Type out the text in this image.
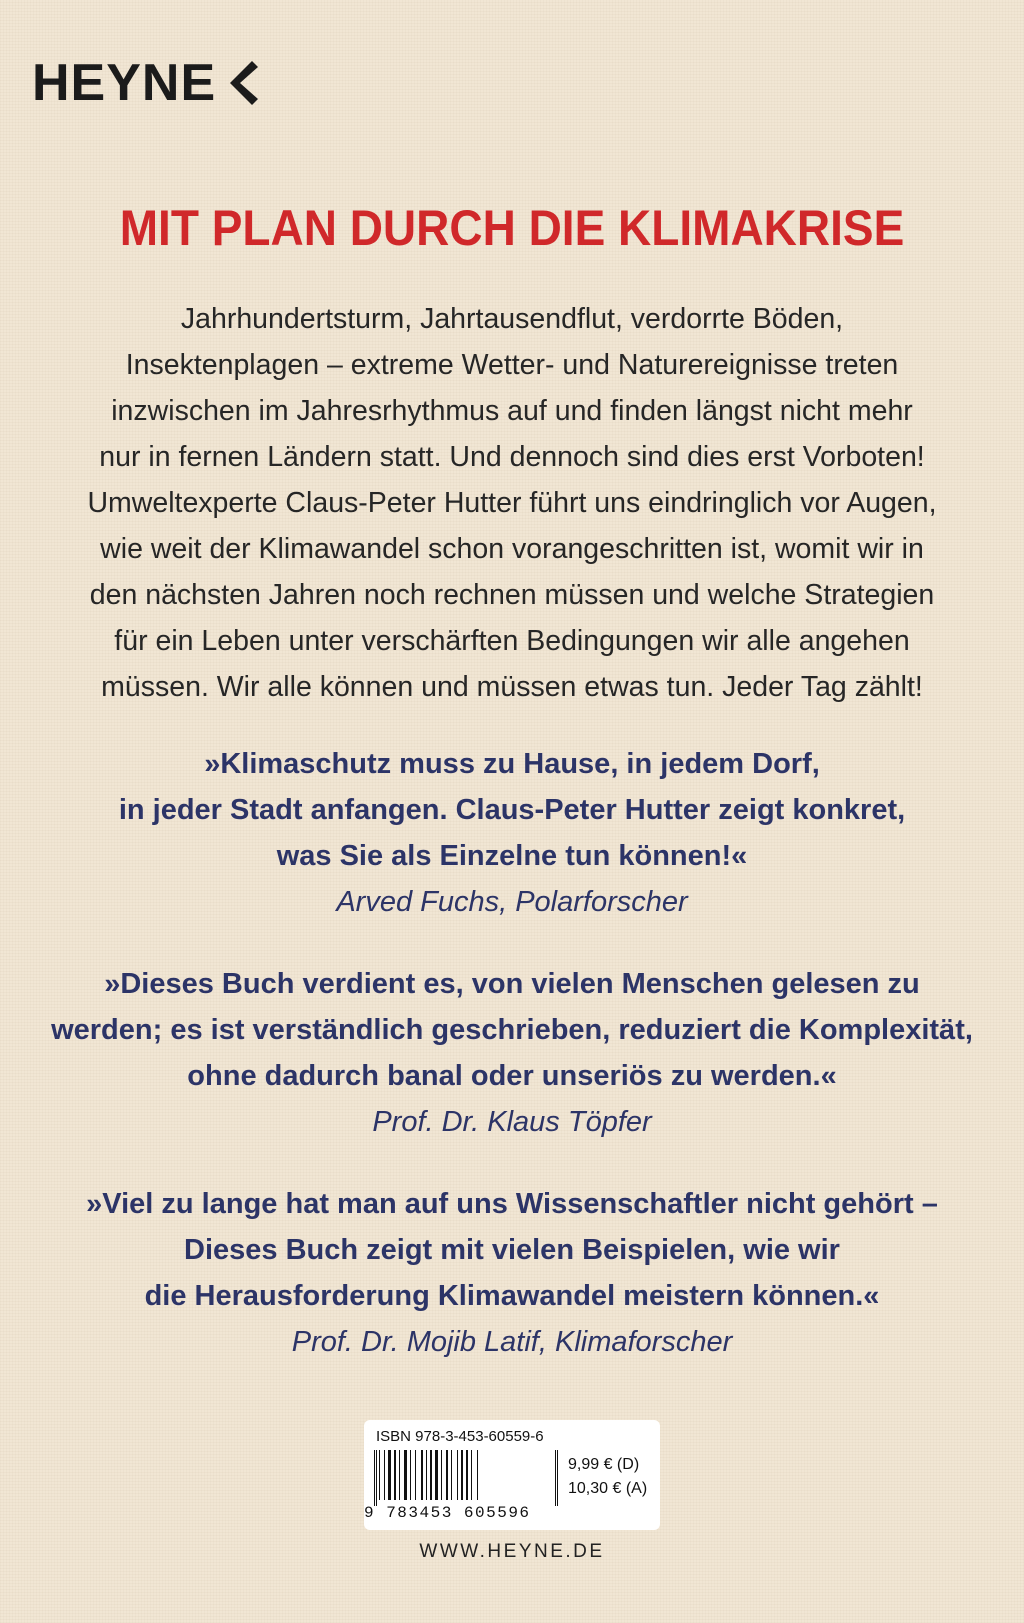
HEYNE
MIT PLAN DURCH DIE KLIMAKRISE
Jahrhundertsturm, Jahrtausendflut, verdorrte Böden,
Insektenplagen – extreme Wetter- und Naturereignisse treten
inzwischen im Jahresrhythmus auf und finden längst nicht mehr
nur in fernen Ländern statt. Und dennoch sind dies erst Vorboten!
Umweltexperte Claus-Peter Hutter führt uns eindringlich vor Augen,
wie weit der Klimawandel schon vorangeschritten ist, womit wir in
den nächsten Jahren noch rechnen müssen und welche Strategien
für ein Leben unter verschärften Bedingungen wir alle angehen
müssen. Wir alle können und müssen etwas tun. Jeder Tag zählt!
»Klimaschutz muss zu Hause, in jedem Dorf,
in jeder Stadt anfangen. Claus-Peter Hutter zeigt konkret,
was Sie als Einzelne tun können!«
Arved Fuchs, Polarforscher
»Dieses Buch verdient es, von vielen Menschen gelesen zu
werden; es ist verständlich geschrieben, reduziert die Komplexität,
ohne dadurch banal oder unseriös zu werden.«
Prof. Dr. Klaus Töpfer
»Viel zu lange hat man auf uns Wissenschaftler nicht gehört –
Dieses Buch zeigt mit vielen Beispielen, wie wir
die Herausforderung Klimawandel meistern können.«
Prof. Dr. Mojib Latif, Klimaforscher
ISBN 978-3-453-60559-6
9 783453 605596
9,99 € (D)
10,30 € (A)
WWW.HEYNE.DE
